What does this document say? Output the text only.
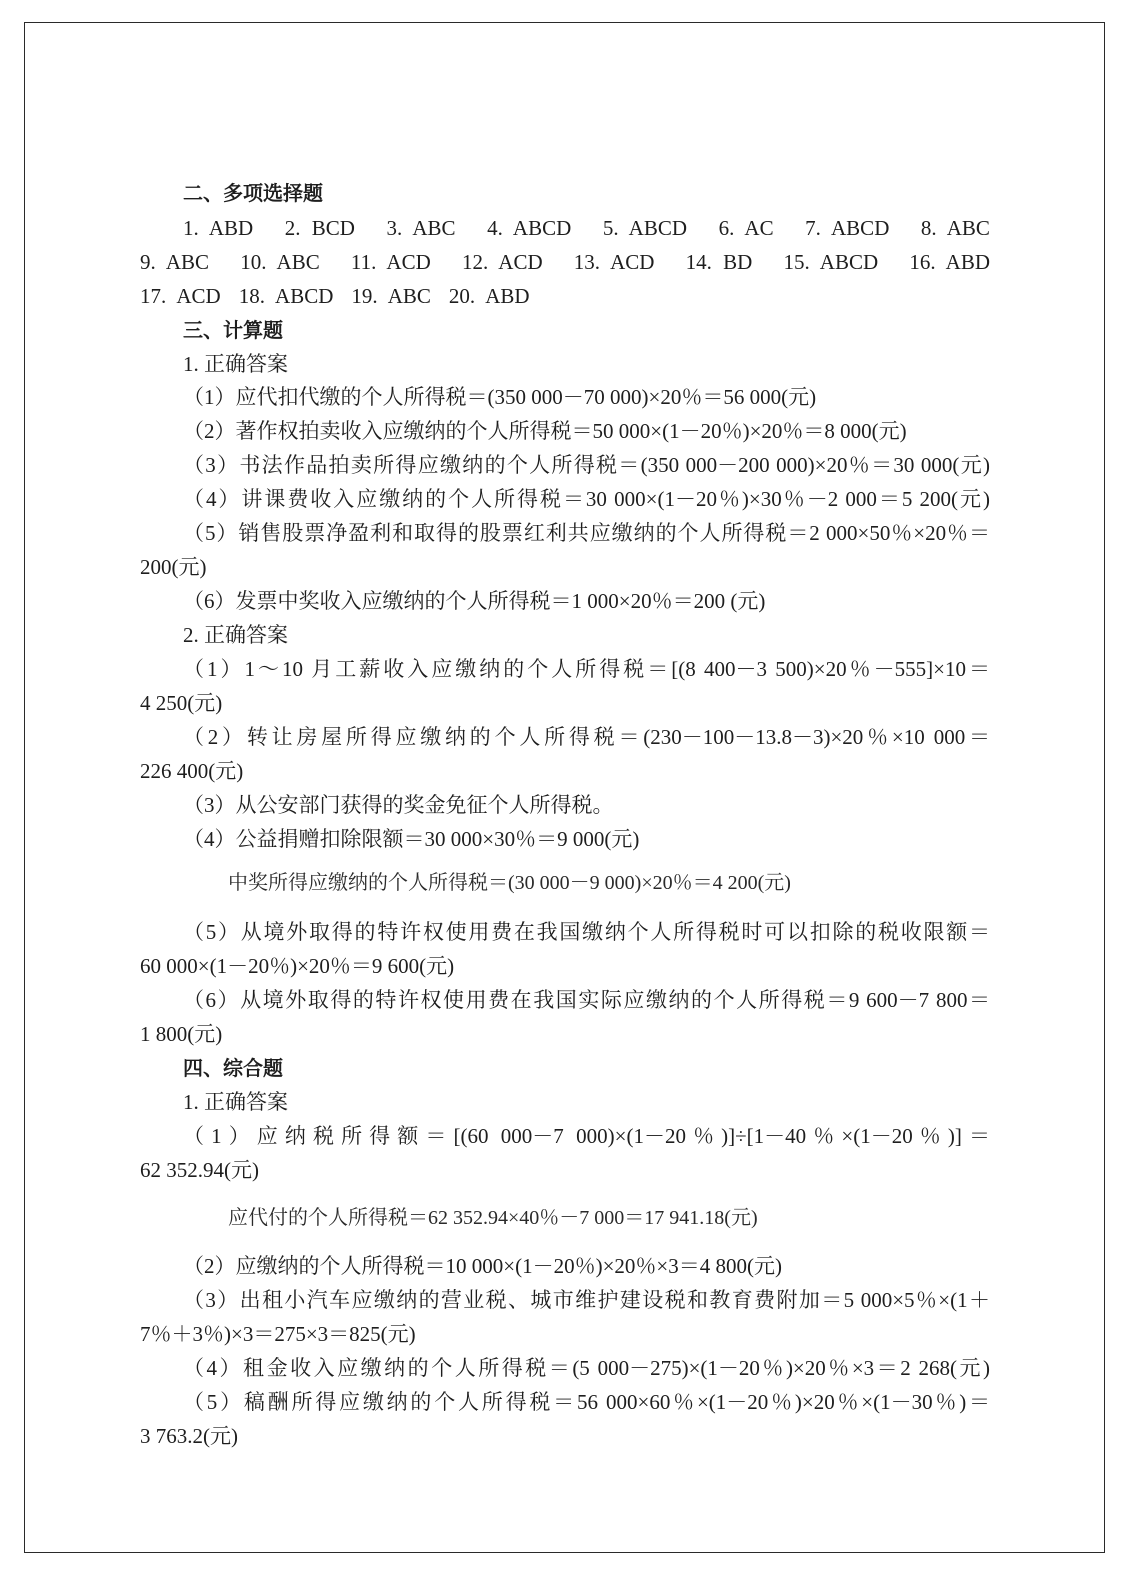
二、多项选择题
1. ABD 2. BCD 3. ABC 4. ABCD 5. ABCD 6. AC 7. ABCD 8. ABC
9. ABC 10. ABC 11. ACD 12. ACD 13. ACD 14. BD 15. ABCD 16. ABD
17. ACD 18. ABCD 19. ABC 20. ABD
三、计算题
1. 正确答案
（1）应代扣代缴的个人所得税＝(350 000－70 000)×20％＝56 000(元)
（2）著作权拍卖收入应缴纳的个人所得税＝50 000×(1－20％)×20％＝8 000(元)
（3）书法作品拍卖所得应缴纳的个人所得税＝(350 000－200 000)×20％＝30 000(元)
（4）讲课费收入应缴纳的个人所得税＝30 000×(1－20％)×30％－2 000＝5 200(元)
（5）销售股票净盈利和取得的股票红利共应缴纳的个人所得税＝2 000×50％×20％＝
200(元)
（6）发票中奖收入应缴纳的个人所得税＝1 000×20％＝200 (元)
2. 正确答案
（1）1～10 月工薪收入应缴纳的个人所得税＝[(8 400－3 500)×20％－555]×10＝
4 250(元)
（2）转让房屋所得应缴纳的个人所得税＝(230－100－13.8－3)×20％×10 000＝
226 400(元)
（3）从公安部门获得的奖金免征个人所得税。
（4）公益捐赠扣除限额＝30 000×30％＝9 000(元)
中奖所得应缴纳的个人所得税＝(30 000－9 000)×20％＝4 200(元)
（5）从境外取得的特许权使用费在我国缴纳个人所得税时可以扣除的税收限额＝
60 000×(1－20％)×20％＝9 600(元)
（6）从境外取得的特许权使用费在我国实际应缴纳的个人所得税＝9 600－7 800＝
1 800(元)
四、综合题
1. 正确答案
（1）应纳税所得额＝[(60 000－7 000)×(1－20％)]÷[1－40％×(1－20％)]＝
62 352.94(元)
应代付的个人所得税＝62 352.94×40％－7 000＝17 941.18(元)
（2）应缴纳的个人所得税＝10 000×(1－20％)×20％×3＝4 800(元)
（3）出租小汽车应缴纳的营业税、城市维护建设税和教育费附加＝5 000×5％×(1＋
7％＋3％)×3＝275×3＝825(元)
（4）租金收入应缴纳的个人所得税＝(5 000－275)×(1－20％)×20％×3＝2 268(元)
（5）稿酬所得应缴纳的个人所得税＝56 000×60％×(1－20％)×20％×(1－30％)＝
3 763.2(元)
